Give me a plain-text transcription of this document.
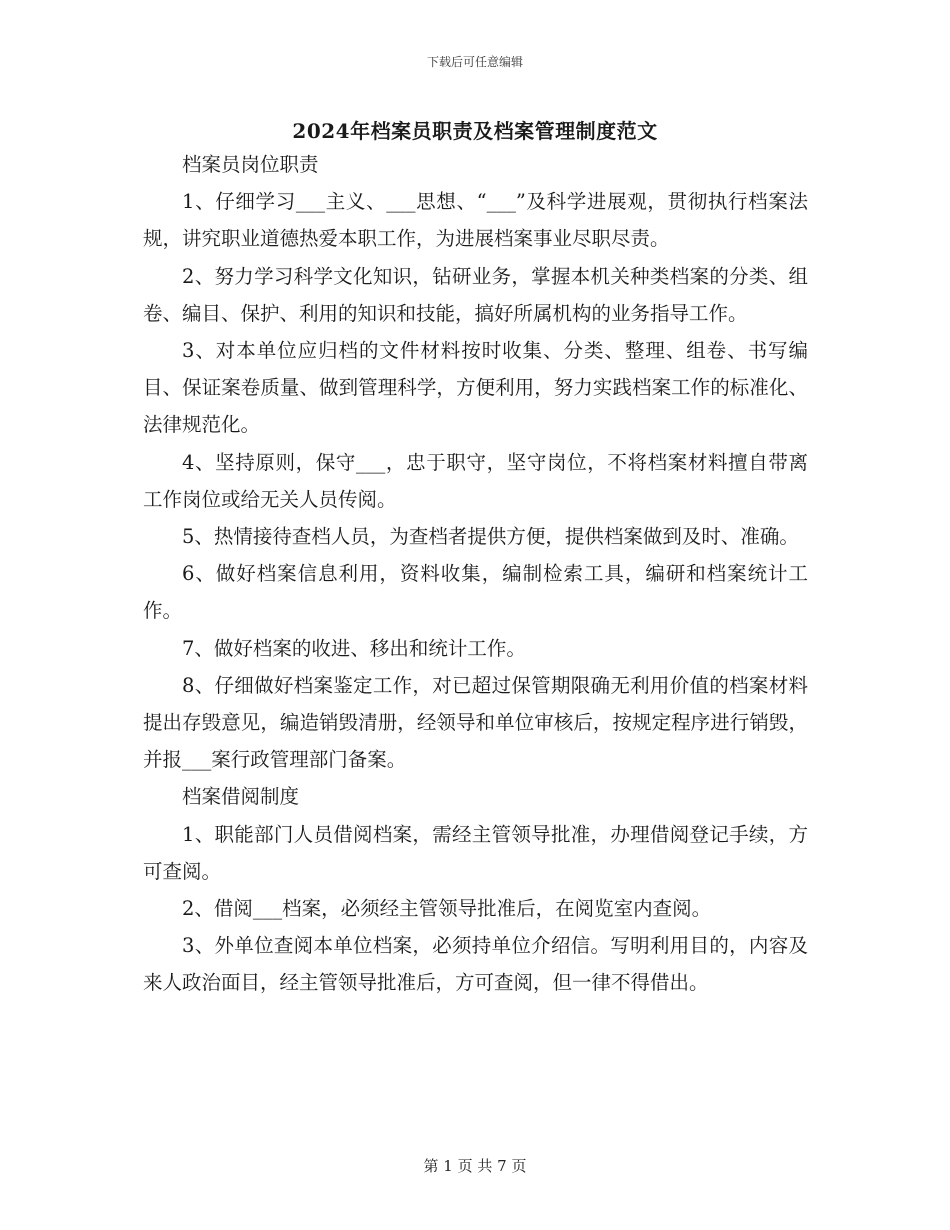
下载后可任意编辑
2024年档案员职责及档案管理制度范文

档案员岗位职责

1、仔细学习___主义、___思想、“___”及科学进展观，贯彻执行档案法规，讲究职业道德热爱本职工作，为进展档案事业尽职尽责。

2、努力学习科学文化知识，钻研业务，掌握本机关种类档案的分类、组卷、编目、保护、利用的知识和技能，搞好所属机构的业务指导工作。

3、对本单位应归档的文件材料按时收集、分类、整理、组卷、书写编目、保证案卷质量、做到管理科学，方便利用，努力实践档案工作的标准化、法律规范化。

4、坚持原则，保守___，忠于职守，坚守岗位，不将档案材料擅自带离工作岗位或给无关人员传阅。

5、热情接待查档人员，为查档者提供方便，提供档案做到及时、准确。

6、做好档案信息利用，资料收集，编制检索工具，编研和档案统计工作。

7、做好档案的收进、移出和统计工作。

8、仔细做好档案鉴定工作，对已超过保管期限确无利用价值的档案材料提出存毁意见，编造销毁清册，经领导和单位审核后，按规定程序进行销毁，并报___案行政管理部门备案。

档案借阅制度

1、职能部门人员借阅档案，需经主管领导批准，办理借阅登记手续，方可查阅。

2、借阅___档案，必须经主管领导批准后，在阅览室内查阅。

3、外单位查阅本单位档案，必须持单位介绍信。写明利用目的，内容及来人政治面目，经主管领导批准后，方可查阅，但一律不得借出。

第 1 页 共 7 页
